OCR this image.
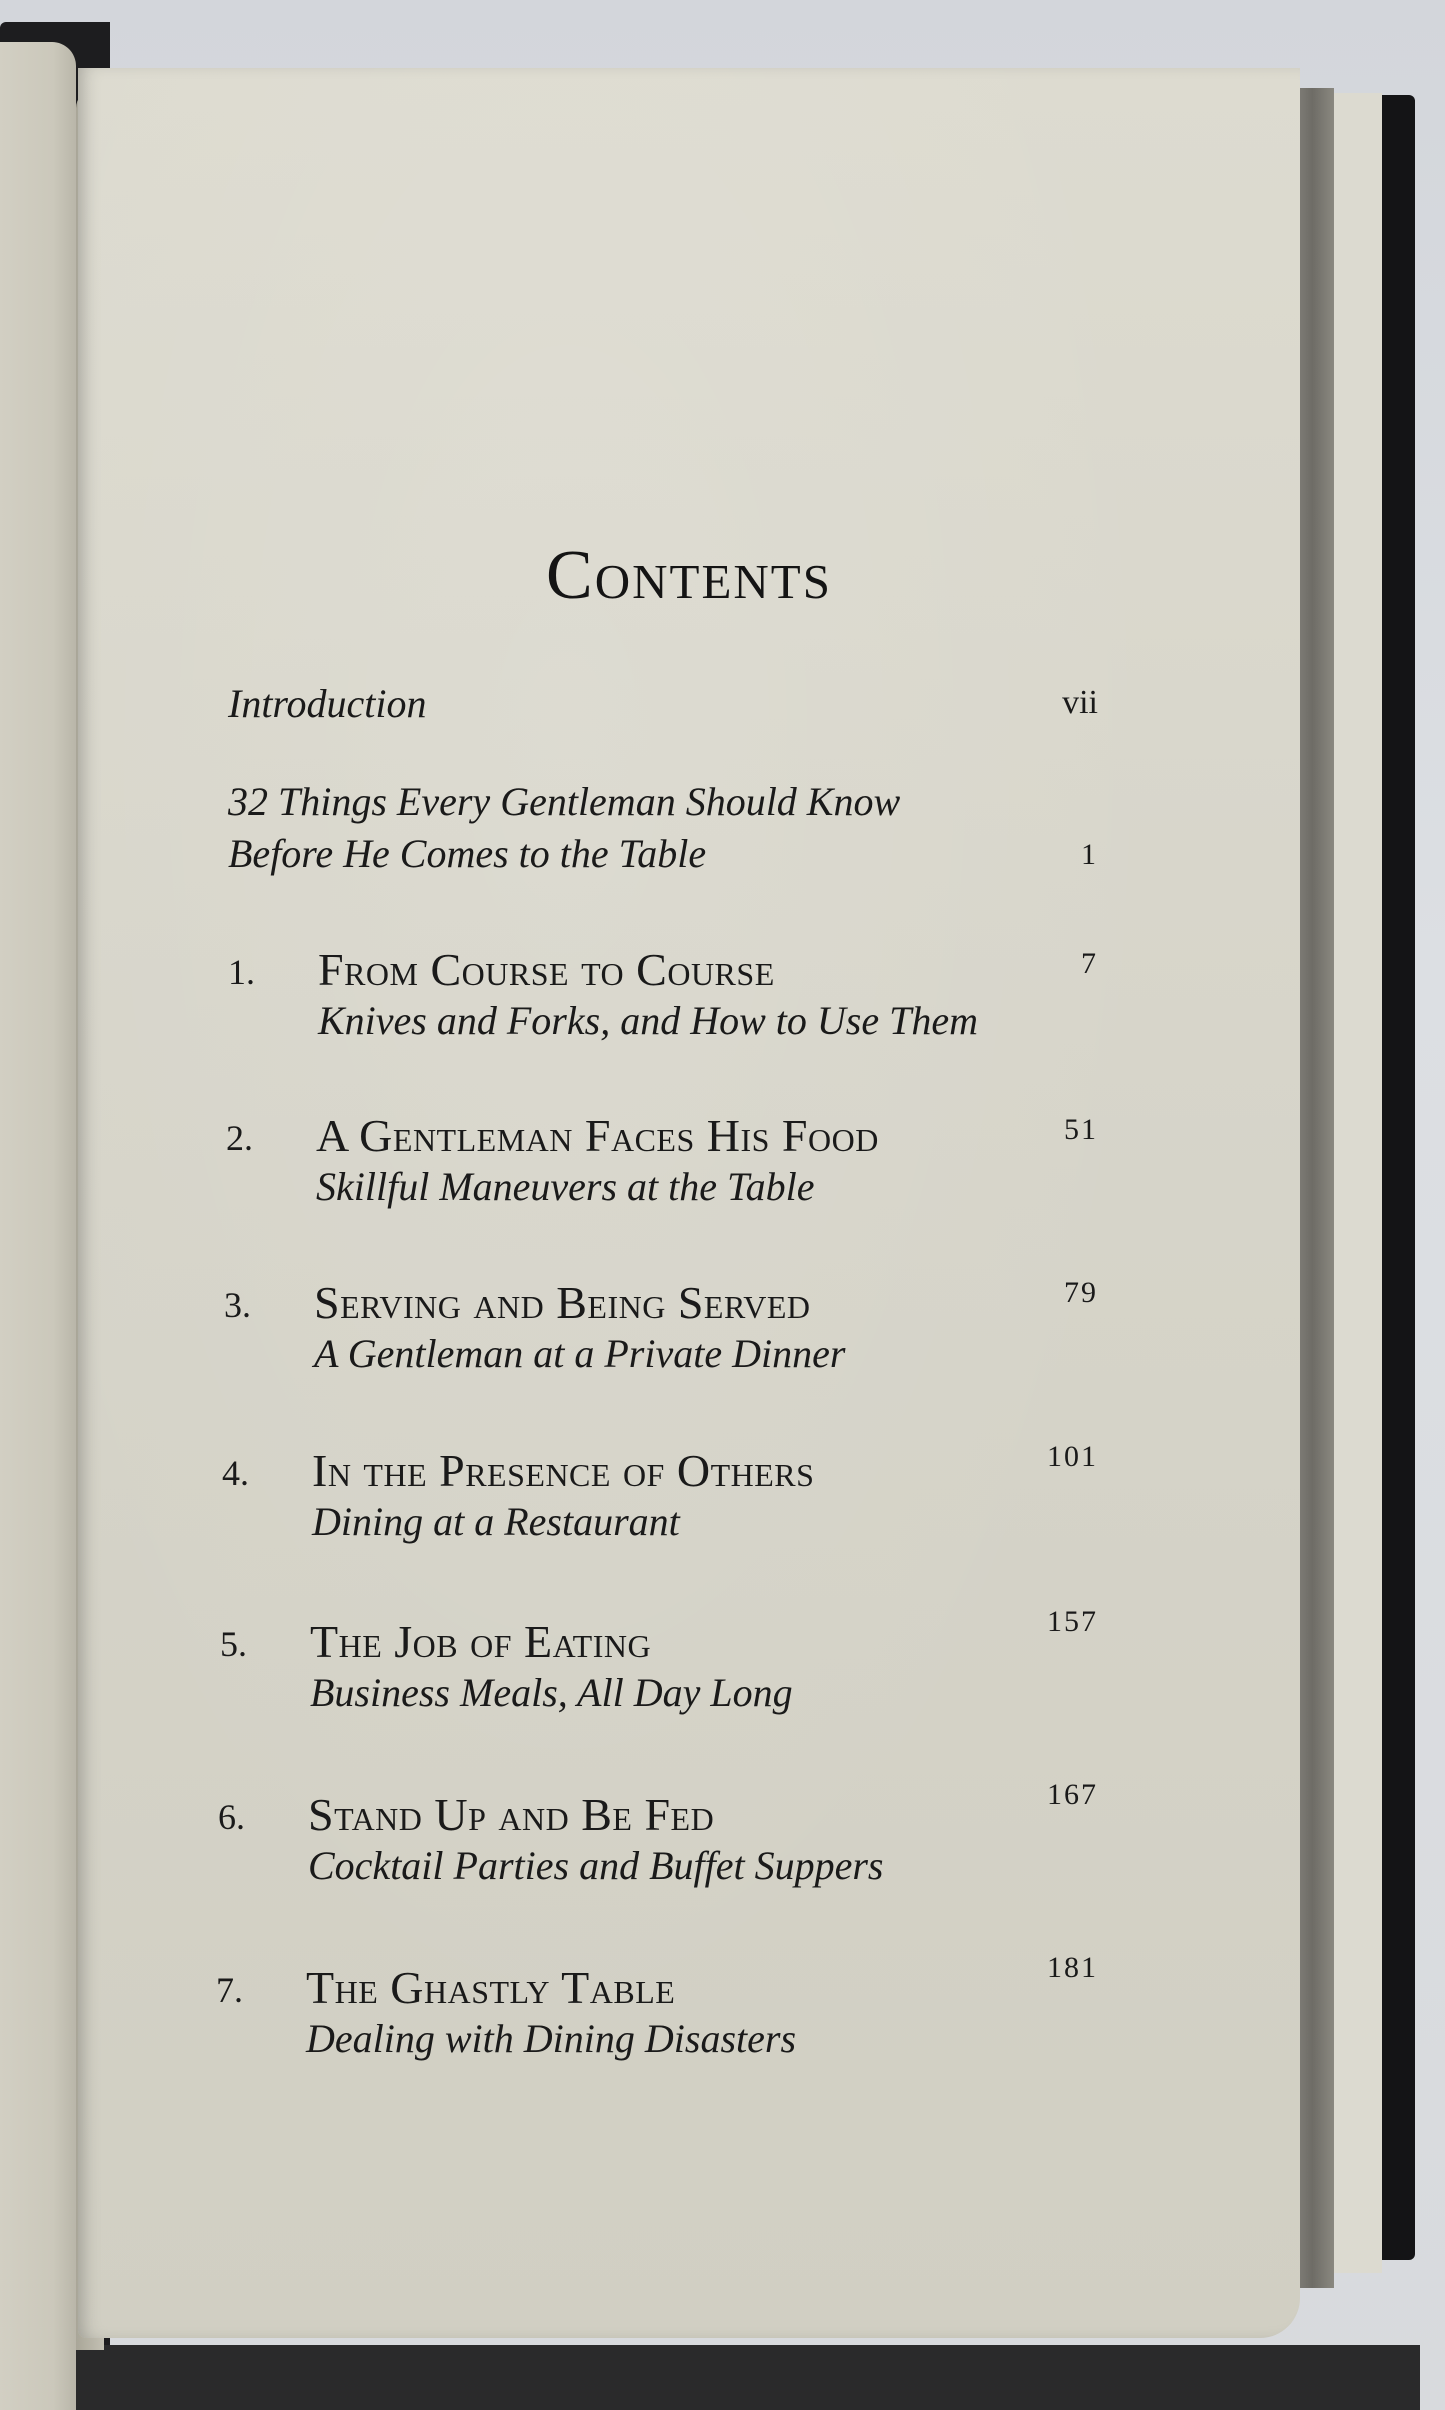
Contents
Introduction	vii
32 Things Every Gentleman Should Know
Before He Comes to the Table	1
1. From Course to Course
Knives and Forks, and How to Use Them
7
2. A Gentleman Faces His Food
Skillful Maneuvers at the Table
51
3. Serving and Being Served
A Gentleman at a Private Dinner
79
4. In the Presence of Others
Dining at a Restaurant
101
5. The Job of Eating
Business Meals, All Day Long
157
6. Stand Up and Be Fed
Cocktail Parties and Buffet Suppers
167
7. The Ghastly Table
Dealing with Dining Disasters
181
